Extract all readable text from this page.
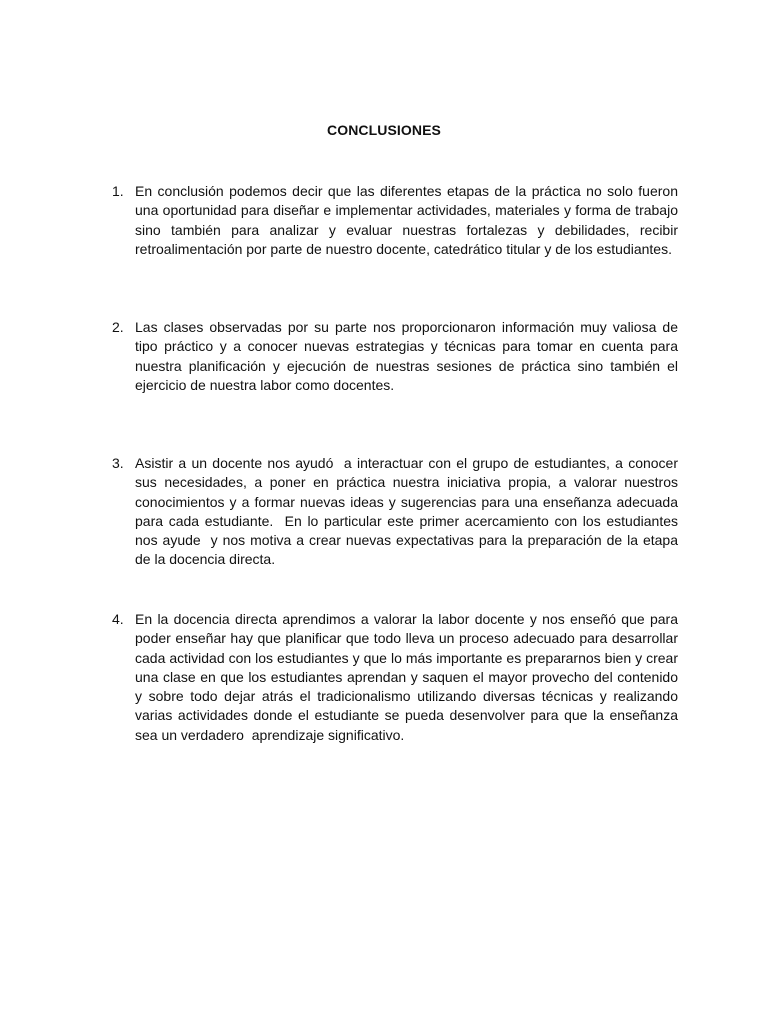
CONCLUSIONES
1. En conclusión podemos decir que las diferentes etapas de la práctica no solo fueron una oportunidad para diseñar e implementar actividades, materiales y forma de trabajo sino también para analizar y evaluar nuestras fortalezas y debilidades, recibir retroalimentación por parte de nuestro docente, catedrático titular y de los estudiantes.
2. Las clases observadas por su parte nos proporcionaron información muy valiosa de tipo práctico y a conocer nuevas estrategias y técnicas para tomar en cuenta para nuestra planificación y ejecución de nuestras sesiones de práctica sino también el ejercicio de nuestra labor como docentes.
3. Asistir a un docente nos ayudó  a interactuar con el grupo de estudiantes, a conocer sus necesidades, a poner en práctica nuestra iniciativa propia, a valorar nuestros conocimientos y a formar nuevas ideas y sugerencias para una enseñanza adecuada para cada estudiante.  En lo particular este primer acercamiento con los estudiantes nos ayude  y nos motiva a crear nuevas expectativas para la preparación de la etapa de la docencia directa.
4. En la docencia directa aprendimos a valorar la labor docente y nos enseñó que para poder enseñar hay que planificar que todo lleva un proceso adecuado para desarrollar cada actividad con los estudiantes y que lo más importante es prepararnos bien y crear una clase en que los estudiantes aprendan y saquen el mayor provecho del contenido y sobre todo dejar atrás el tradicionalismo utilizando diversas técnicas y realizando varias actividades donde el estudiante se pueda desenvolver para que la enseñanza sea un verdadero  aprendizaje significativo.
